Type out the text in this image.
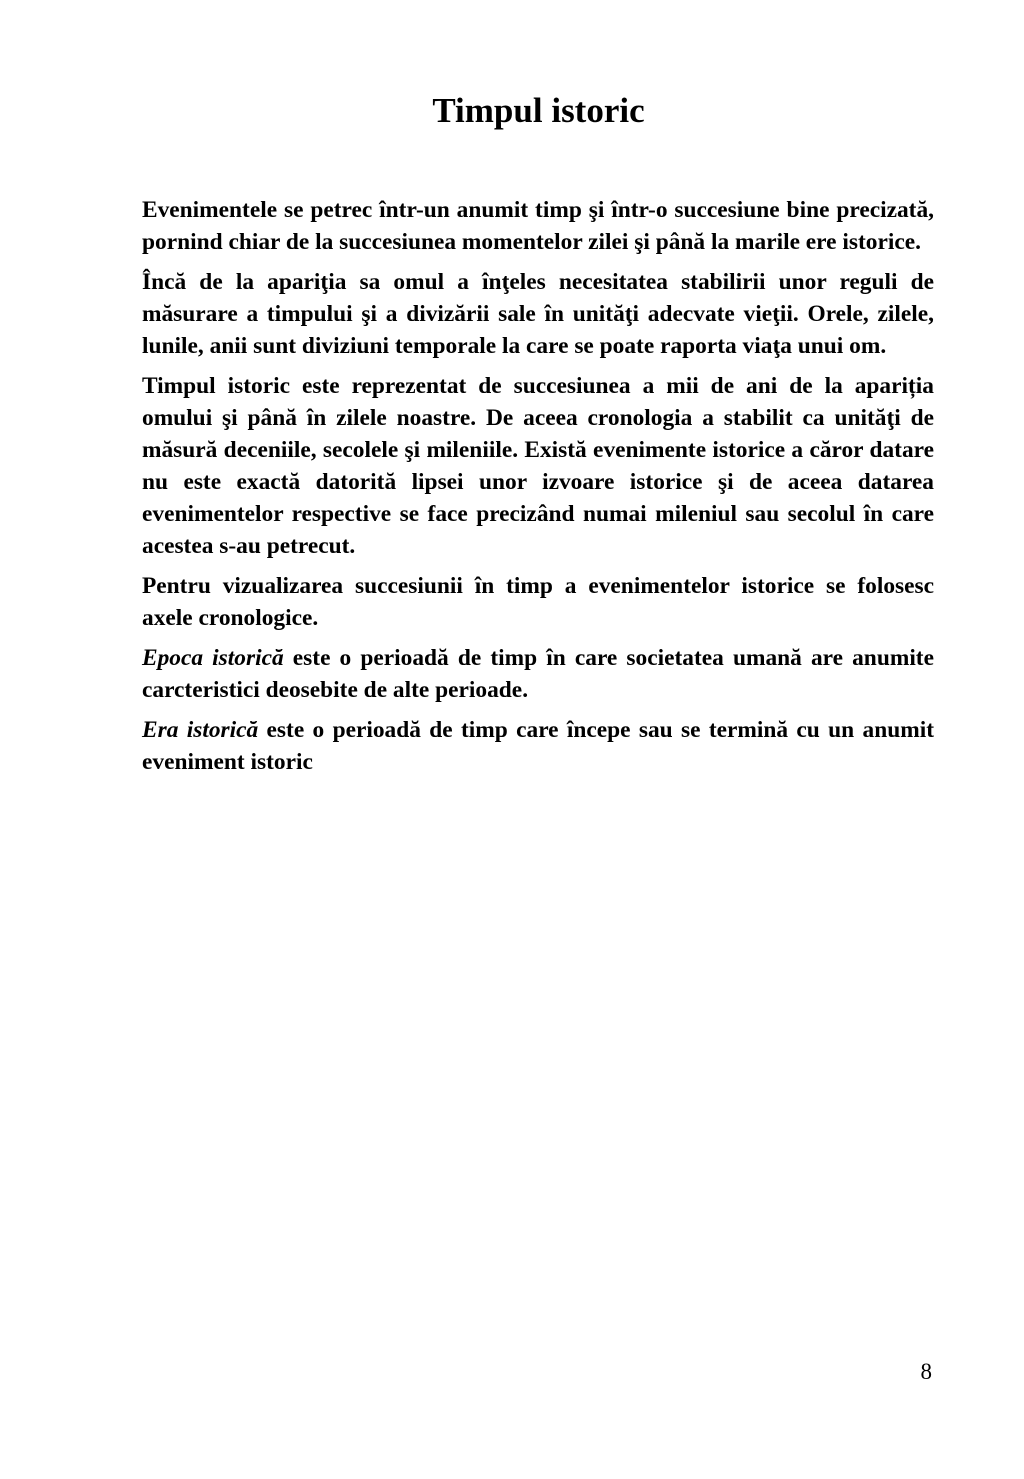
Timpul istoric

Evenimentele se petrec într-un anumit timp şi într-o succesiune bine precizată, pornind chiar de la succesiunea momentelor zilei şi până la marile ere istorice.

Încă de la apariţia sa omul a înţeles necesitatea stabilirii unor reguli de măsurare a timpului şi a divizării sale în unităţi adecvate vieţii. Orele, zilele, lunile, anii sunt diviziuni temporale la care se poate raporta viaţa unui om.

Timpul istoric este reprezentat de succesiunea a mii de ani de la apariția omului şi până în zilele noastre. De aceea cronologia a stabilit ca unităţi de măsură deceniile, secolele şi mileniile. Există evenimente istorice a căror datare nu este exactă datorită lipsei unor izvoare istorice şi de aceea datarea evenimentelor respective se face precizând numai mileniul sau secolul în care acestea s-au petrecut.

Pentru vizualizarea succesiunii în timp a evenimentelor istorice se folosesc axele cronologice.

Epoca istorică este o perioadă de timp în care societatea umană are anumite carcteristici deosebite de alte perioade.

Era istorică este o perioadă de timp care începe sau se termină cu un anumit eveniment istoric

8
